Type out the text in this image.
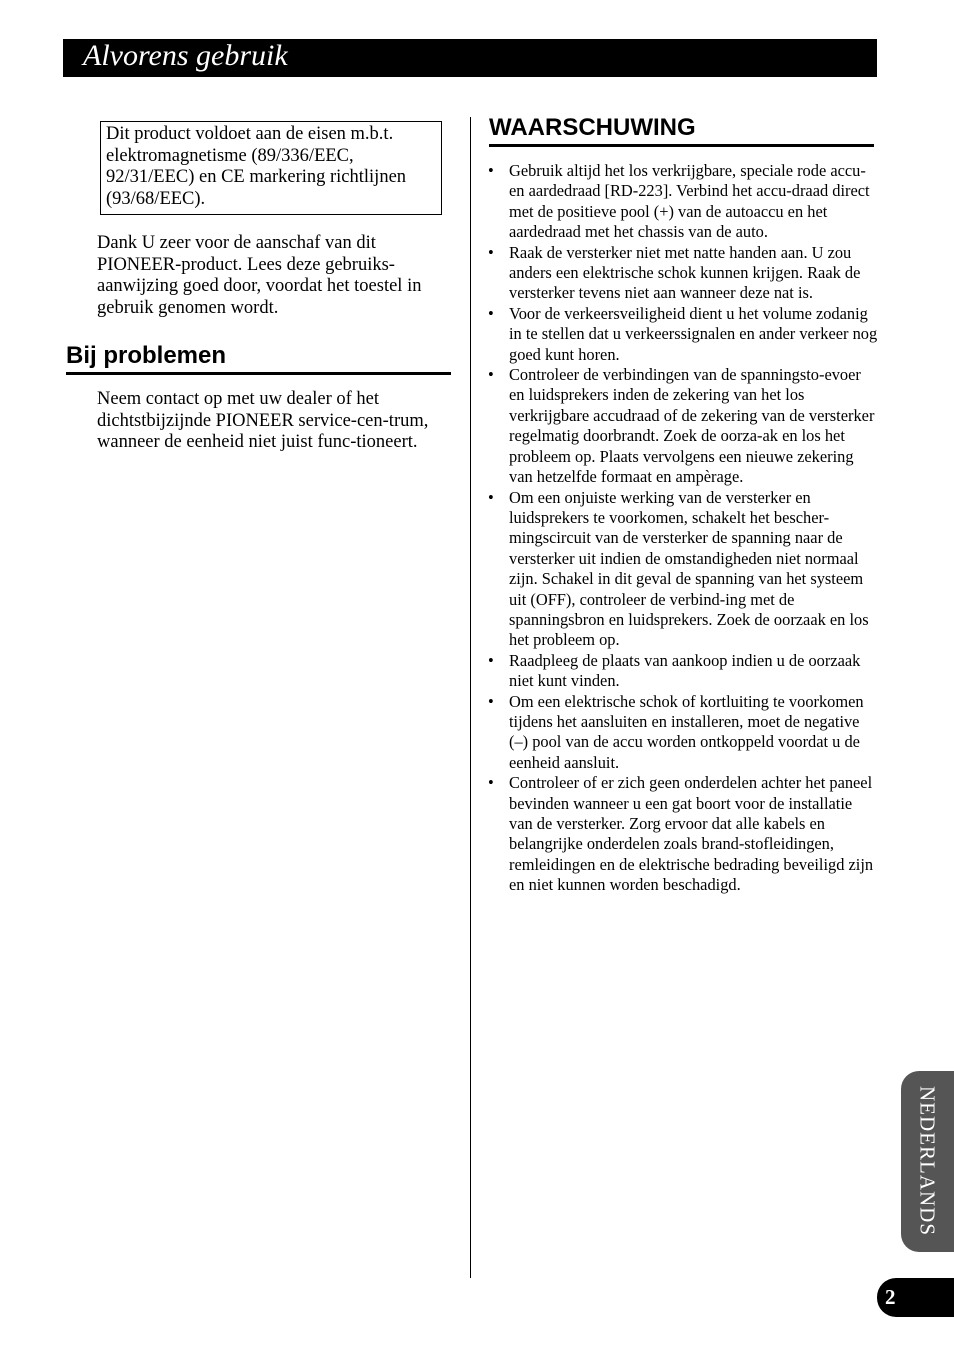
Alvorens gebruik
Dit product voldoet aan de eisen m.b.t. elektromagnetisme (89/336/EEC, 92/31/EEC) en CE markering richtlijnen (93/68/EEC).
Dank U zeer voor de aanschaf van dit PIONEER-product. Lees deze gebruiks-aanwijzing goed door, voordat het toestel in gebruik genomen wordt.
Bij problemen
Neem contact op met uw dealer of het dichtstbijzijnde PIONEER service-cen-trum, wanneer de eenheid niet juist func-tioneert.
WAARSCHUWING
• Gebruik altijd het los verkrijgbare, speciale rode accu- en aardedraad [RD-223]. Verbind het accu-draad direct met de positieve pool (+) van de autoaccu en het aardedraad met het chassis van de auto.
• Raak de versterker niet met natte handen aan. U zou anders een elektrische schok kunnen krijgen. Raak de versterker tevens niet aan wanneer deze nat is.
• Voor de verkeersveiligheid dient u het volume zodanig in te stellen dat u verkeerssignalen en ander verkeer nog goed kunt horen.
• Controleer de verbindingen van de spanningsto-evoer en luidsprekers inden de zekering van het los verkrijgbare accudraad of de zekering van de versterker regelmatig doorbrandt. Zoek de oorza-ak en los het probleem op. Plaats vervolgens een nieuwe zekering van hetzelfde formaat en ampèrage.
• Om een onjuiste werking van de versterker en luidsprekers te voorkomen, schakelt het bescher-mingscircuit van de versterker de spanning naar de versterker uit indien de omstandigheden niet normaal zijn. Schakel in dit geval de spanning van het systeem uit (OFF), controleer de verbind-ing met de spanningsbron en luidsprekers. Zoek de oorzaak en los het probleem op.
• Raadpleeg de plaats van aankoop indien u de oorzaak niet kunt vinden.
• Om een elektrische schok of kortluiting te voorkomen tijdens het aansluiten en installeren, moet de negative (–) pool van de accu worden ontkoppeld voordat u de eenheid aansluit.
• Controleer of er zich geen onderdelen achter het paneel bevinden wanneer u een gat boort voor de installatie van de versterker. Zorg ervoor dat alle kabels en belangrijke onderdelen zoals brand-stofleidingen, remleidingen en de elektrische bedrading beveiligd zijn en niet kunnen worden beschadigd.
NEDERLANDS
2
